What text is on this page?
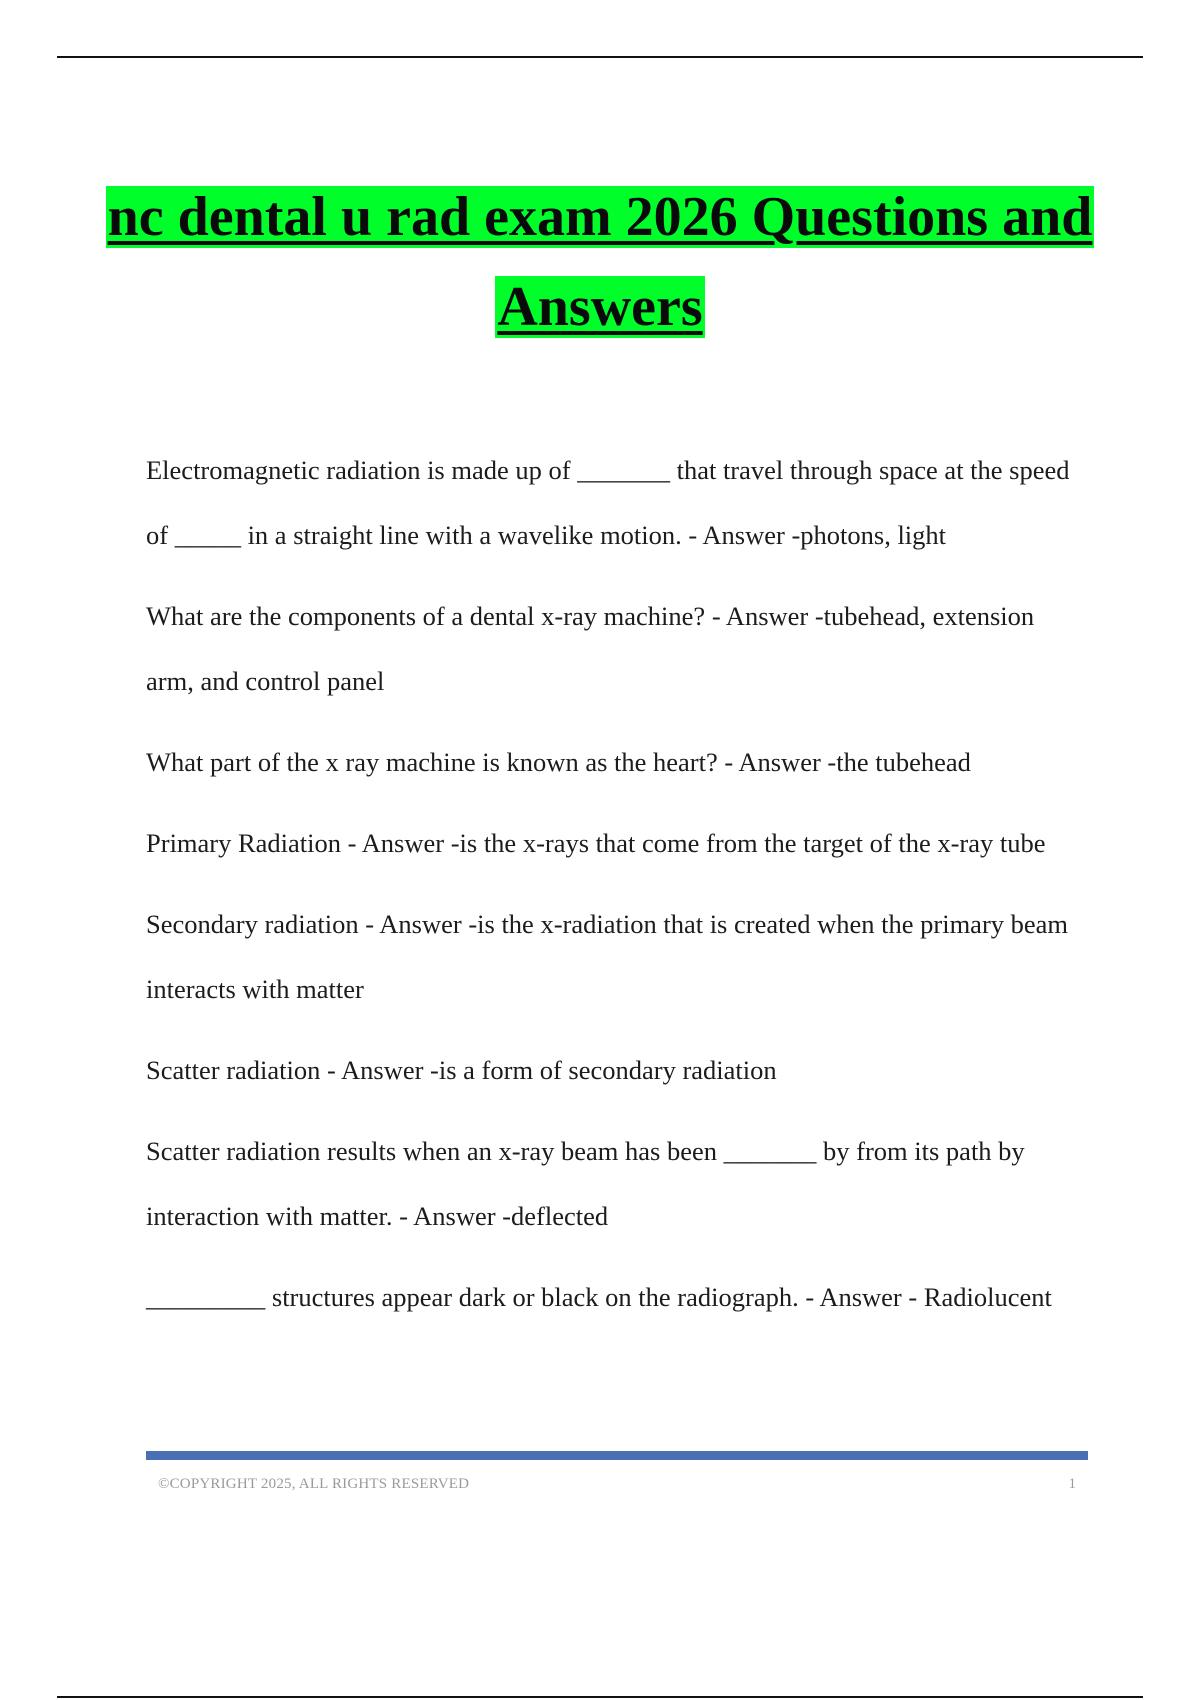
nc dental u rad exam 2026 Questions and Answers
Electromagnetic radiation is made up of _______ that travel through space at the speed of _____ in a straight line with a wavelike motion. - Answer -photons, light
What are the components of a dental x-ray machine? - Answer -tubehead, extension arm, and control panel
What part of the x ray machine is known as the heart? - Answer -the tubehead
Primary Radiation - Answer -is the x-rays that come from the target of the x-ray tube
Secondary radiation - Answer -is the x-radiation that is created when the primary beam interacts with matter
Scatter radiation - Answer -is a form of secondary radiation
Scatter radiation results when an x-ray beam has been _______ by from its path by interaction with matter. - Answer -deflected
_________ structures appear dark or black on the radiograph. - Answer - Radiolucent
©COPYRIGHT 2025, ALL RIGHTS RESERVED	1
